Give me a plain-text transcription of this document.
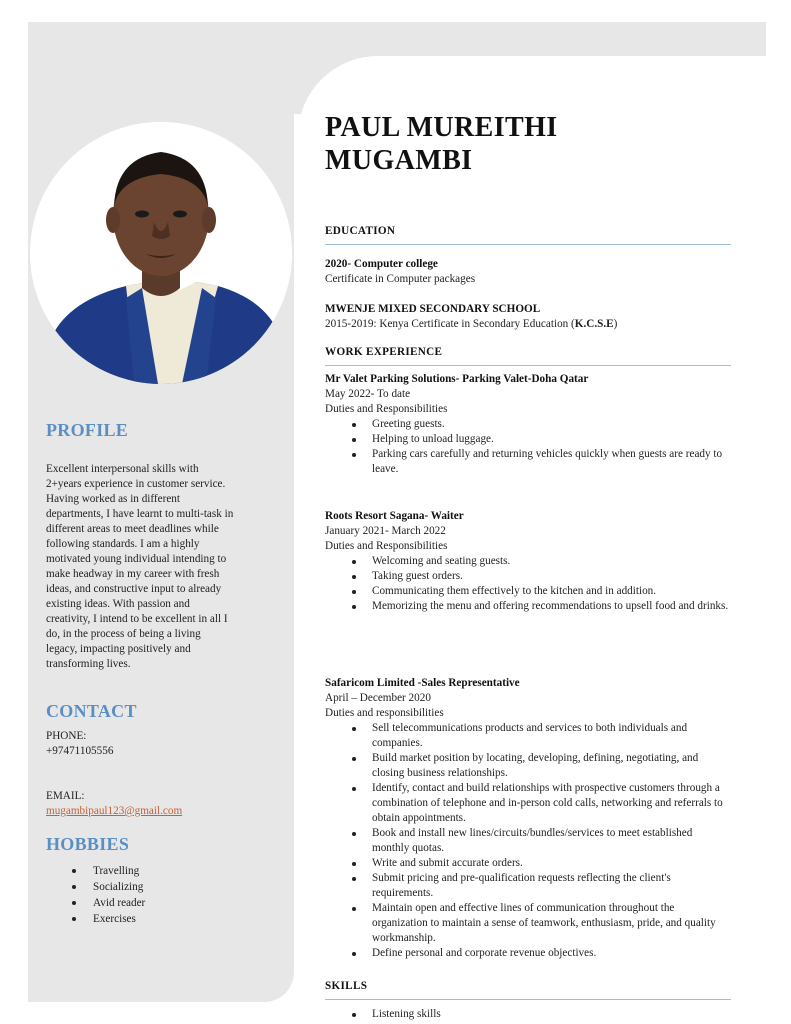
PROFILE
Excellent interpersonal skills with
2+years experience in customer service.
Having worked as in different
departments, I have learnt to multi-task in
different areas to meet deadlines while
following standards. I am a highly
motivated young individual intending to
make headway in my career with fresh
ideas, and constructive input to already
existing ideas. With passion and
creativity, I intend to be excellent in all I
do, in the process of being a living
legacy, impacting positively and
transforming lives.
CONTACT
PHONE:
+97471105556
EMAIL:
mugambipaul123@gmail.com
HOBBIES
Travelling
Socializing
Avid reader
Exercises
PAUL MUREITHI
MUGAMBI
EDUCATION
2020- Computer college
Certificate in Computer packages
MWENJE MIXED SECONDARY SCHOOL
2015-2019: Kenya Certificate in Secondary Education (K.C.S.E)
WORK EXPERIENCE
Mr Valet Parking Solutions- Parking Valet-Doha Qatar
May 2022- To date
Duties and Responsibilities
Greeting guests.
Helping to unload luggage.
Parking cars carefully and returning vehicles quickly when guests are ready to leave.
Roots Resort Sagana- Waiter
January 2021- March 2022
Duties and Responsibilities
Welcoming and seating guests.
Taking guest orders.
Communicating them effectively to the kitchen and in addition.
Memorizing the menu and offering recommendations to upsell food and drinks.
Safaricom Limited -Sales Representative
April – December 2020
Duties and responsibilities
Sell telecommunications products and services to both individuals and companies.
Build market position by locating, developing, defining, negotiating, and closing business relationships.
Identify, contact and build relationships with prospective customers through a combination of telephone and in-person cold calls, networking and referrals to obtain appointments.
Book and install new lines/circuits/bundles/services to meet established monthly quotas.
Write and submit accurate orders.
Submit pricing and pre-qualification requests reflecting the client's requirements.
Maintain open and effective lines of communication throughout the organization to maintain a sense of teamwork, enthusiasm, pride, and quality workmanship.
Define personal and corporate revenue objectives.
SKILLS
Listening skills
